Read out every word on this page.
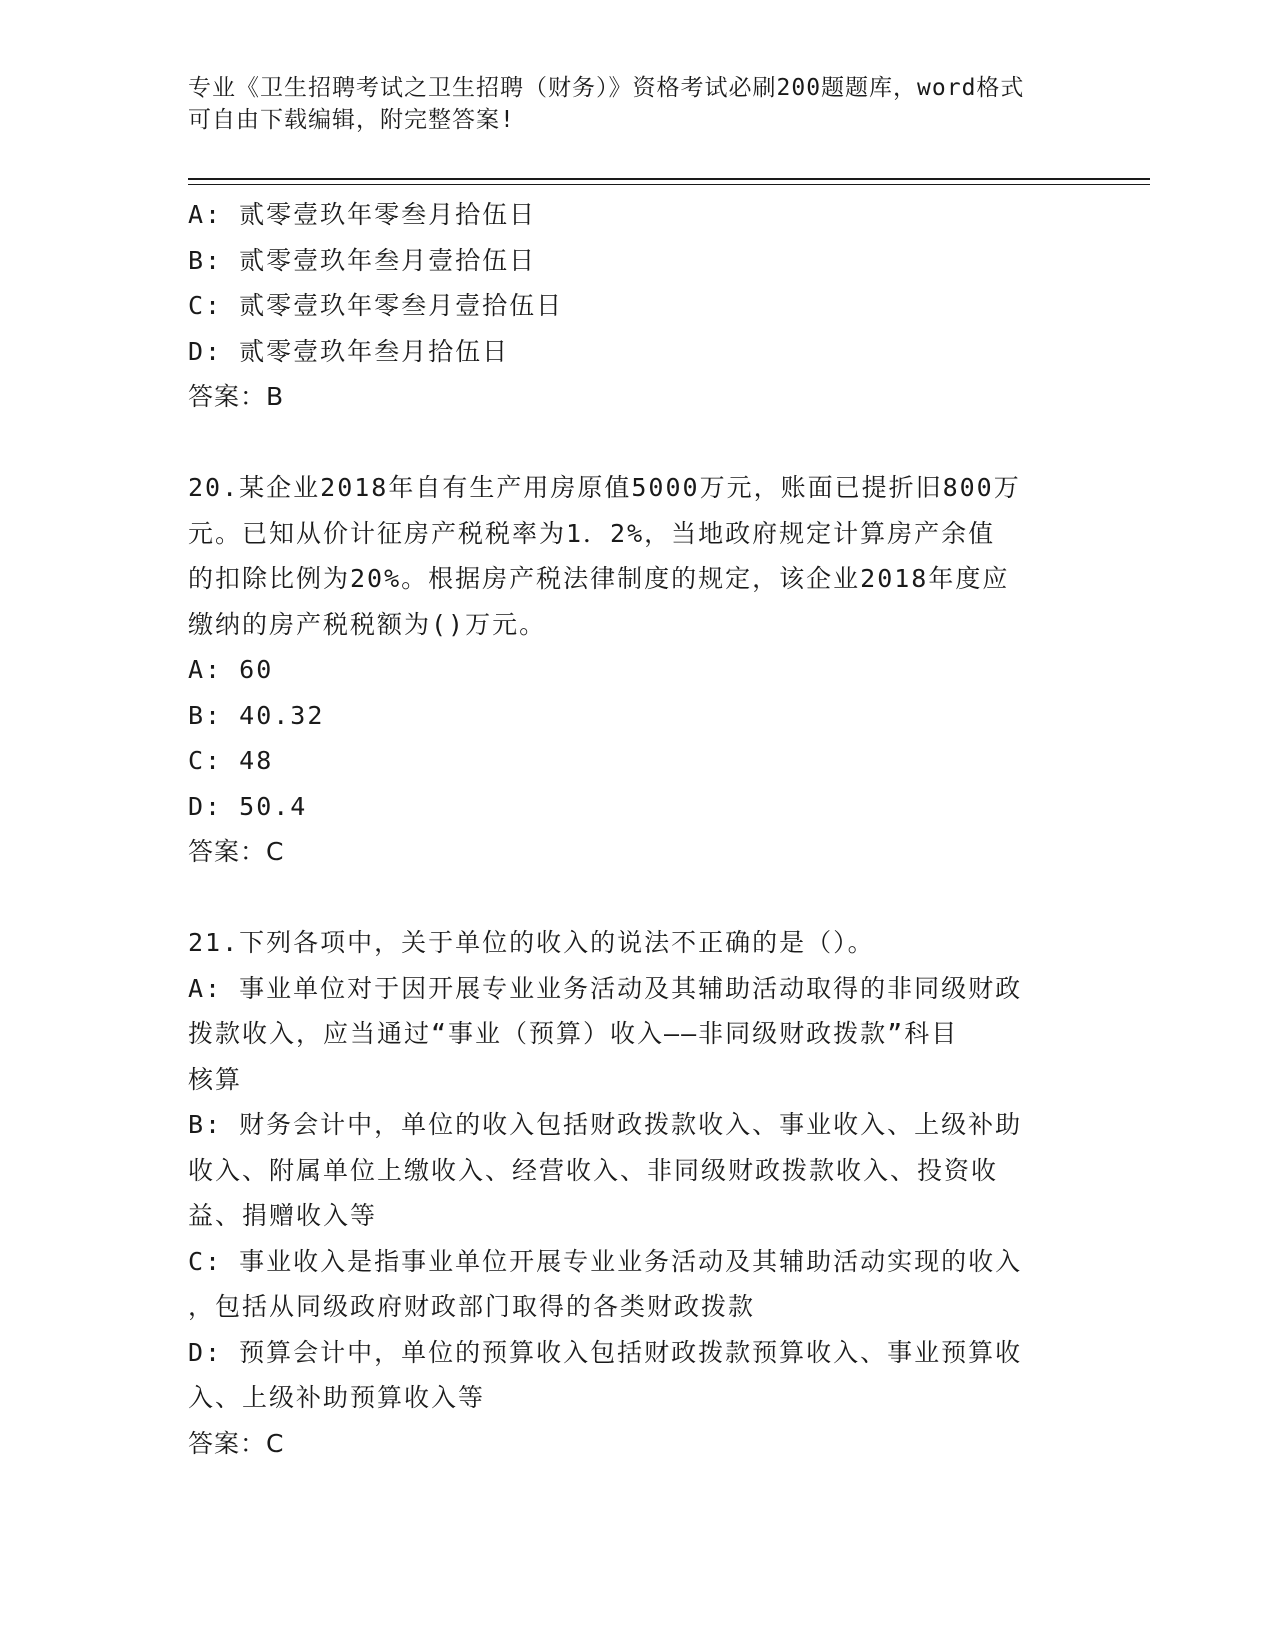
专业《卫生招聘考试之卫生招聘（财务）》资格考试必刷200题题库，word格式
可自由下载编辑，附完整答案!
A: 贰零壹玖年零叁月拾伍日
B: 贰零壹玖年叁月壹拾伍日
C: 贰零壹玖年零叁月壹拾伍日
D: 贰零壹玖年叁月拾伍日
答案：B
20.某企业2018年自有生产用房原值5000万元，账面已提折旧800万
元。已知从价计征房产税税率为1．2%，当地政府规定计算房产余值
的扣除比例为20%。根据房产税法律制度的规定，该企业2018年度应
缴纳的房产税税额为()万元。
A: 60
B: 40.32
C: 48
D: 50.4
答案：C
21.下列各项中，关于单位的收入的说法不正确的是（）。
A: 事业单位对于因开展专业业务活动及其辅助活动取得的非同级财政
拨款收入，应当通过“事业（预算）收入——非同级财政拨款”科目
核算
B: 财务会计中，单位的收入包括财政拨款收入、事业收入、上级补助
收入、附属单位上缴收入、经营收入、非同级财政拨款收入、投资收
益、捐赠收入等
C: 事业收入是指事业单位开展专业业务活动及其辅助活动实现的收入
，包括从同级政府财政部门取得的各类财政拨款
D: 预算会计中，单位的预算收入包括财政拨款预算收入、事业预算收
入、上级补助预算收入等
答案：C
